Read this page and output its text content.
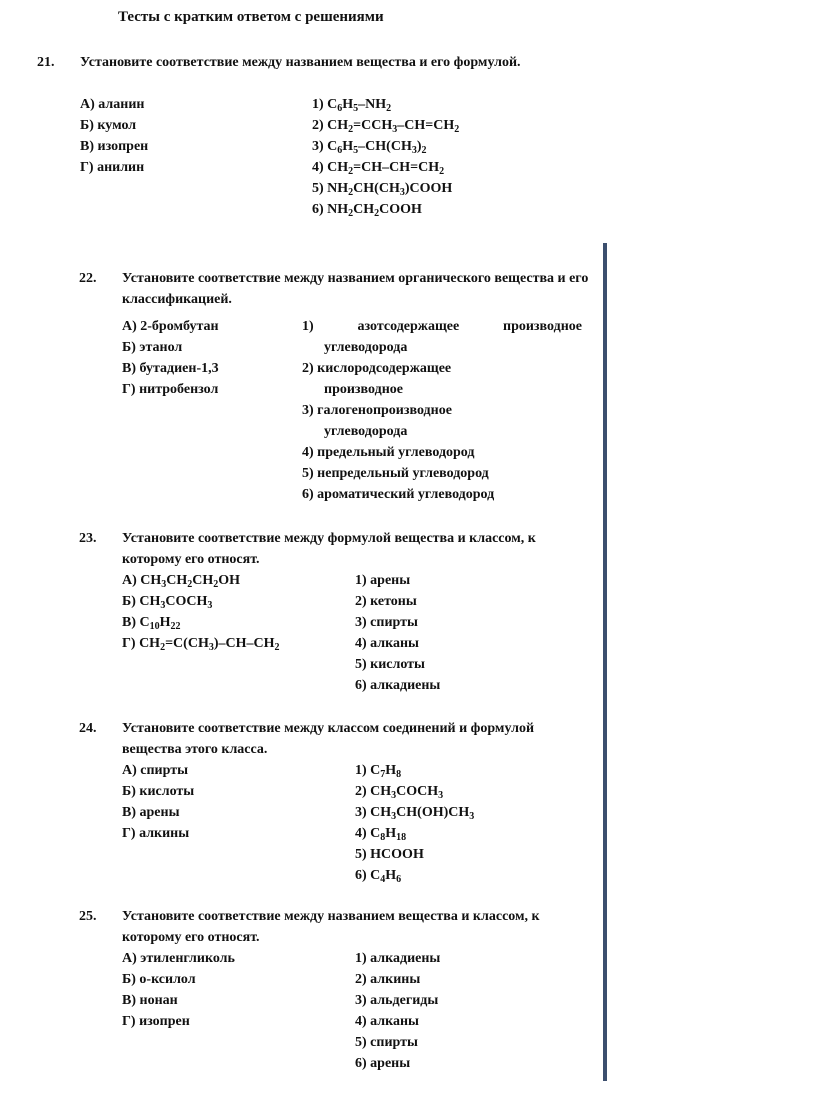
Тесты с кратким ответом с решениями
21. Установите соответствие между названием вещества и его формулой.
А) аланин
Б) кумол
В) изопрен
Г) анилин
1) $C_6H_5-NH_2$
2) $CH_2=CCH_3-CH=CH_2$
3) $C_6H_5-CH(CH_3)_2$
4) $CH_2=CH-CH=CH_2$
5) $NH_2CH(CH_3)COOH$
6) $NH_2CH_2COOH$
22. Установите соответствие между названием органического вещества и его классификацией.
А) 2-бромбутан
Б) этанол
В) бутадиен-1,3
Г) нитробензол
1) азотсодержащее производное
углеводорода
2) кислородсодержащее
производное
3) галогенопроизводное
углеводорода
4) предельный углеводород
5) непредельный углеводород
6) ароматический углеводород
23. Установите соответствие между формулой вещества и классом, к которому его относят.
А) $CH_3CH_2CH_2OH$
Б) $CH_3COCH_3$
В) $C_{10}H_{22}$
Г) $CH_2=C(CH_3)-CH-CH_2$
1) арены
2) кетоны
3) спирты
4) алканы
5) кислоты
6) алкадиены
24. Установите соответствие между классом соединений и формулой вещества этого класса.
А) спирты
Б) кислоты
В) арены
Г) алкины
1) $C_7H_8$
2) $CH_3COCH_3$
3) $CH_3CH(OH)CH_3$
4) $C_8H_{18}$
5) HCOOH
6) $C_4H_6$
25. Установите соответствие между названием вещества и классом, к которому его относят.
А) этиленгликоль
Б) о-ксилол
В) нонан
Г) изопрен
1) алкадиены
2) алкины
3) альдегиды
4) алканы
5) спирты
6) арены
